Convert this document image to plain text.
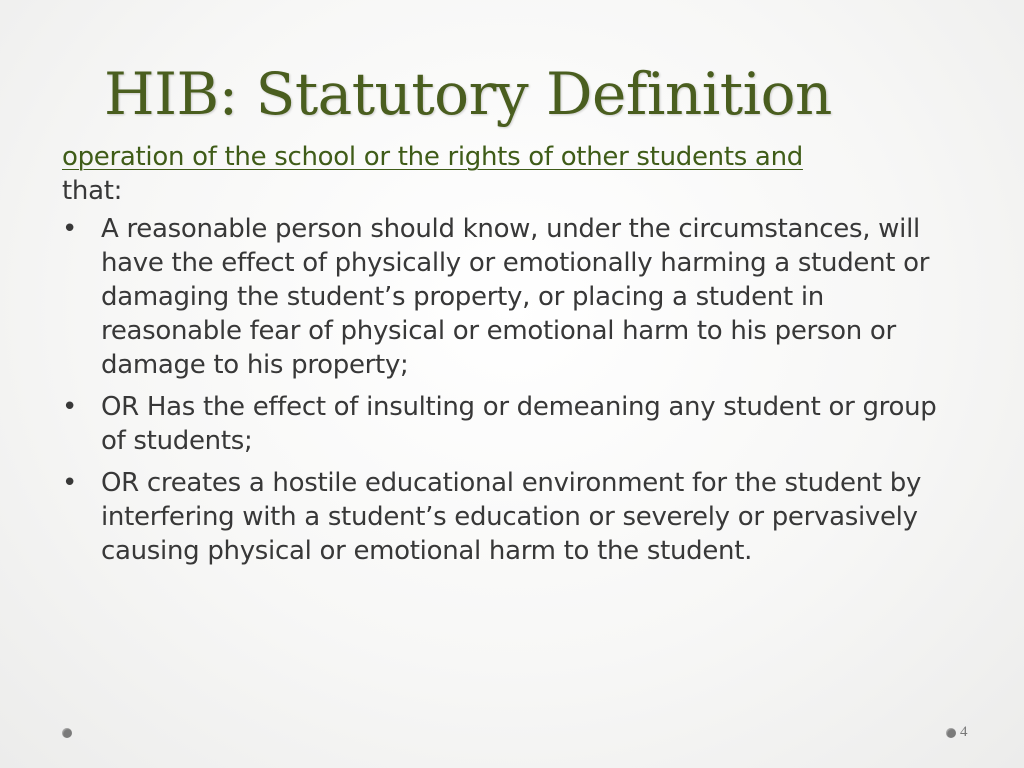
HIB: Statutory Definition

operation of the school or the rights of other students and
that:

• A reasonable person should know, under the circumstances, will have the effect of physically or emotionally harming a student or damaging the student’s property, or placing a student in reasonable fear of physical or emotional harm to his person or damage to his property;
• OR Has the effect of insulting or demeaning any student or group of students;
• OR creates a hostile educational environment for the student by interfering with a student’s education or severely or pervasively causing physical or emotional harm to the student.
4
